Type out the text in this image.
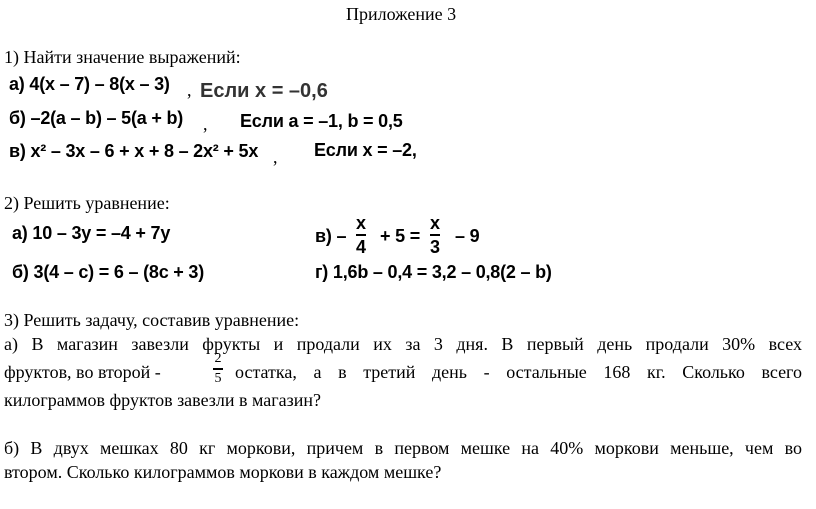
Приложение 3
1) Найти значение выражений:
а) 4(x – 7) – 8(x – 3) , Если x = –0,6
б) –2(a – b) – 5(a + b) , Если a = –1, b = 0,5
в) x² – 3x – 6 + x + 8 – 2x² + 5x , Если x = –2,
2) Решить уравнение:
а) 10 – 3y = –4 + 7y
б) 3(4 – c) = 6 – (8c + 3)
в) –
x
4
+ 5 =
x
3
– 9
г) 1,6b – 0,4 = 3,2 – 0,8(2 – b)
3) Решить задачу, составив уравнение:
а) В магазин завезли фрукты и продали их за 3 дня. В первый день продали 30% всех
фруктов, во второй -
2
5 остатка, а в третий день - остальные 168 кг. Сколько всего
килограммов фруктов завезли в магазин?
б) В двух мешках 80 кг моркови, причем в первом мешке на 40% моркови меньше, чем во
втором. Сколько килограммов моркови в каждом мешке?
